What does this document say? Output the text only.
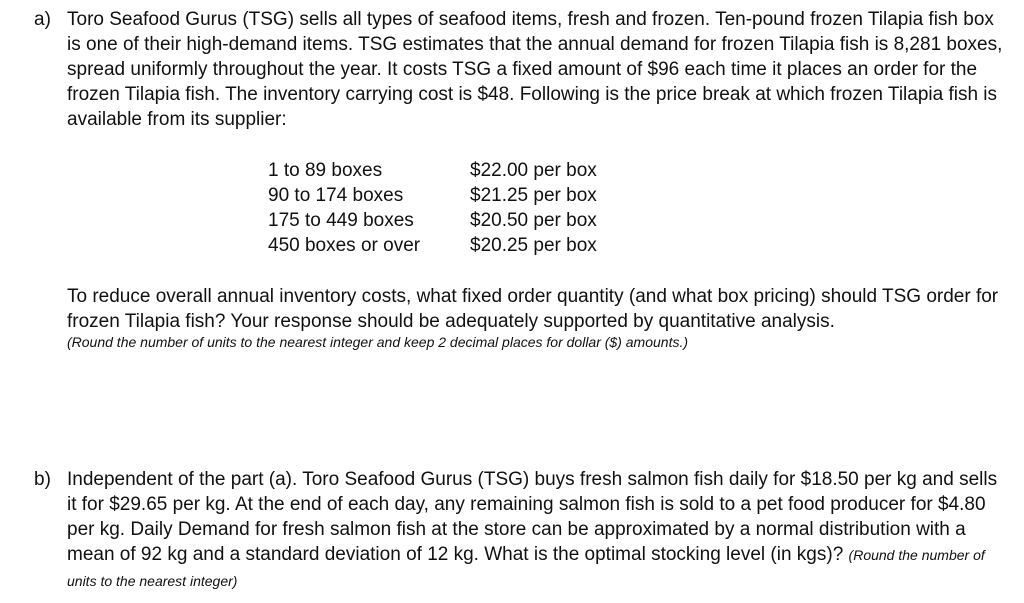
a) Toro Seafood Gurus (TSG) sells all types of seafood items, fresh and frozen. Ten-pound frozen Tilapia fish box is one of their high-demand items. TSG estimates that the annual demand for frozen Tilapia fish is 8,281 boxes, spread uniformly throughout the year. It costs TSG a fixed amount of $96 each time it places an order for the frozen Tilapia fish. The inventory carrying cost is $48. Following is the price break at which frozen Tilapia fish is available from its supplier:

1 to 89 boxes	$22.00 per box
90 to 174 boxes	$21.25 per box
175 to 449 boxes	$20.50 per box
450 boxes or over	$20.25 per box

To reduce overall annual inventory costs, what fixed order quantity (and what box pricing) should TSG order for frozen Tilapia fish? Your response should be adequately supported by quantitative analysis.

(Round the number of units to the nearest integer and keep 2 decimal places for dollar ($) amounts.)

b) Independent of the part (a). Toro Seafood Gurus (TSG) buys fresh salmon fish daily for $18.50 per kg and sells it for $29.65 per kg. At the end of each day, any remaining salmon fish is sold to a pet food producer for $4.80 per kg. Daily Demand for fresh salmon fish at the store can be approximated by a normal distribution with a mean of 92 kg and a standard deviation of 12 kg. What is the optimal stocking level (in kgs)? (Round the number of units to the nearest integer)
